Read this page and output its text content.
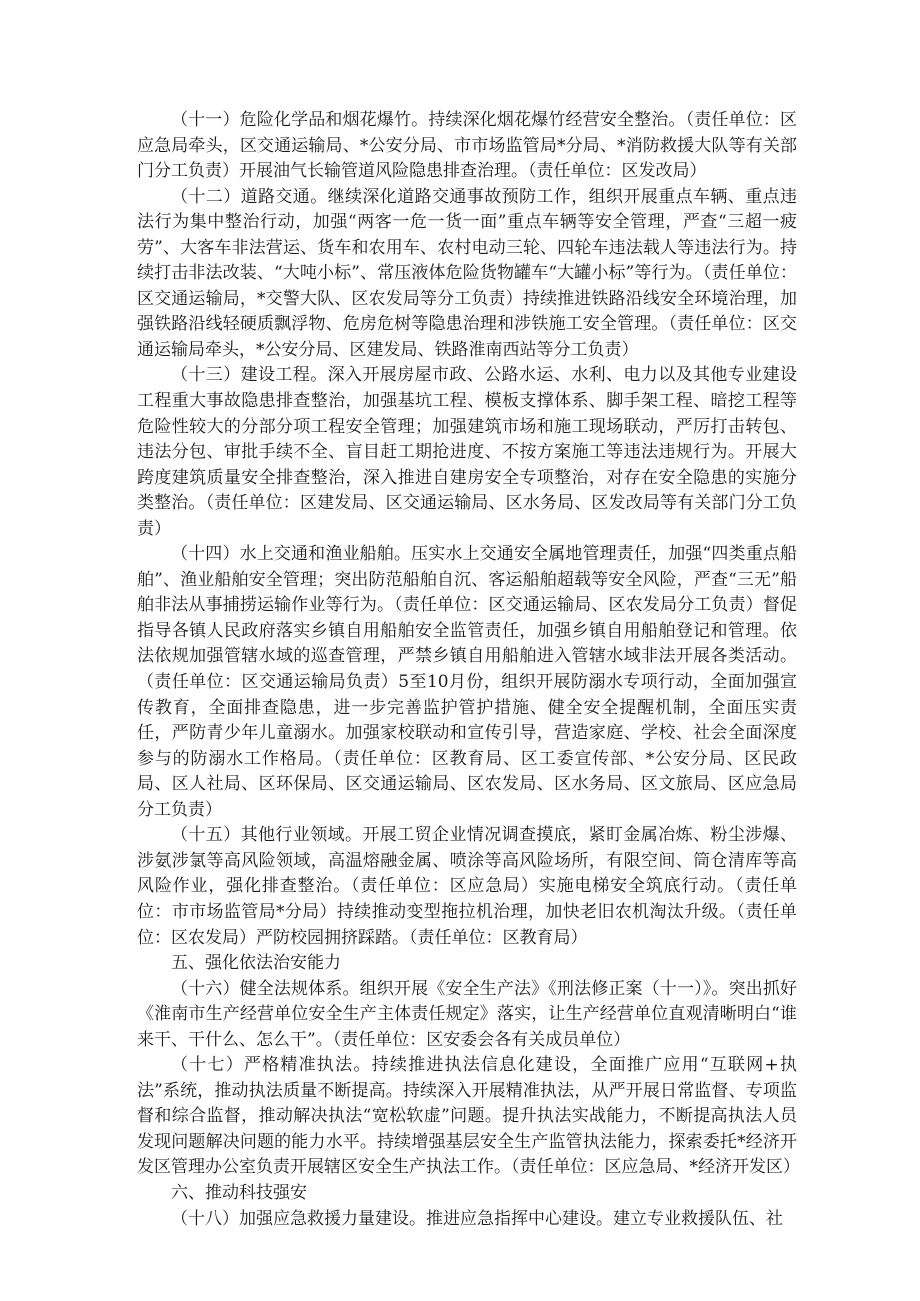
（十一）危险化学品和烟花爆竹。持续深化烟花爆竹经营安全整治。（责任单位：区应急局牵头，区交通运输局、*公安分局、市市场监管局*分局、*消防救援大队等有关部门分工负责）开展油气长输管道风险隐患排查治理。（责任单位：区发改局）

（十二）道路交通。继续深化道路交通事故预防工作，组织开展重点车辆、重点违法行为集中整治行动，加强“两客一危一货一面”重点车辆等安全管理，严查“三超一疲劳”、大客车非法营运、货车和农用车、农村电动三轮、四轮车违法载人等违法行为。持续打击非法改装、“大吨小标”、常压液体危险货物罐车“大罐小标”等行为。（责任单位：区交通运输局，*交警大队、区农发局等分工负责）持续推进铁路沿线安全环境治理，加强铁路沿线轻硬质飘浮物、危房危树等隐患治理和涉铁施工安全管理。（责任单位：区交通运输局牵头，*公安分局、区建发局、铁路淮南西站等分工负责）

（十三）建设工程。深入开展房屋市政、公路水运、水利、电力以及其他专业建设工程重大事故隐患排查整治，加强基坑工程、模板支撑体系、脚手架工程、暗挖工程等危险性较大的分部分项工程安全管理；加强建筑市场和施工现场联动，严厉打击转包、违法分包、审批手续不全、盲目赶工期抢进度、不按方案施工等违法违规行为。开展大跨度建筑质量安全排查整治，深入推进自建房安全专项整治，对存在安全隐患的实施分类整治。（责任单位：区建发局、区交通运输局、区水务局、区发改局等有关部门分工负责）

（十四）水上交通和渔业船舶。压实水上交通安全属地管理责任，加强“四类重点船舶”、渔业船舶安全管理；突出防范船舶自沉、客运船舶超载等安全风险，严查“三无”船舶非法从事捕捞运输作业等行为。（责任单位：区交通运输局、区农发局分工负责）督促指导各镇人民政府落实乡镇自用船舶安全监管责任，加强乡镇自用船舶登记和管理。依法依规加强管辖水域的巡查管理，严禁乡镇自用船舶进入管辖水域非法开展各类活动。（责任单位：区交通运输局负责）5至10月份，组织开展防溺水专项行动，全面加强宣传教育，全面排查隐患，进一步完善监护管护措施、健全安全提醒机制，全面压实责任，严防青少年儿童溺水。加强家校联动和宣传引导，营造家庭、学校、社会全面深度参与的防溺水工作格局。（责任单位：区教育局、区工委宣传部、*公安分局、区民政局、区人社局、区环保局、区交通运输局、区农发局、区水务局、区文旅局、区应急局分工负责）

（十五）其他行业领域。开展工贸企业情况调查摸底，紧盯金属冶炼、粉尘涉爆、涉氨涉氯等高风险领域，高温熔融金属、喷涂等高风险场所，有限空间、筒仓清库等高风险作业，强化排查整治。（责任单位：区应急局）实施电梯安全筑底行动。（责任单位：市市场监管局*分局）持续推动变型拖拉机治理，加快老旧农机淘汰升级。（责任单位：区农发局）严防校园拥挤踩踏。（责任单位：区教育局）

五、强化依法治安能力

（十六）健全法规体系。组织开展《安全生产法》《刑法修正案（十一）》。突出抓好《淮南市生产经营单位安全生产主体责任规定》落实，让生产经营单位直观清晰明白“谁来干、干什么、怎么干”。（责任单位：区安委会各有关成员单位）

（十七）严格精准执法。持续推进执法信息化建设，全面推广应用“互联网+执法”系统，推动执法质量不断提高。持续深入开展精准执法，从严开展日常监督、专项监督和综合监督，推动解决执法“宽松软虚”问题。提升执法实战能力，不断提高执法人员发现问题解决问题的能力水平。持续增强基层安全生产监管执法能力，探索委托*经济开发区管理办公室负责开展辖区安全生产执法工作。（责任单位：区应急局、*经济开发区）

六、推动科技强安

（十八）加强应急救援力量建设。推进应急指挥中心建设。建立专业救援队伍、社
